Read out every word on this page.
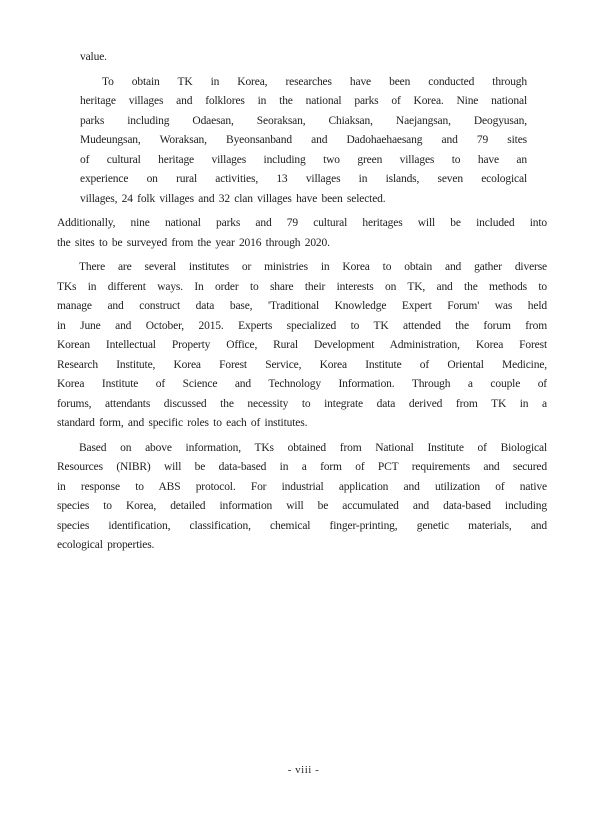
value.
To obtain TK in Korea, researches have been conducted through
heritage villages and folklores in the national parks of Korea. Nine national
parks including Odaesan, Seoraksan, Chiaksan, Naejangsan, Deogyusan,
Mudeungsan, Woraksan, Byeonsanband and Dadohaehaesang and 79 sites
of cultural heritage villages including two green villages to have an
experience on rural activities, 13 villages in islands, seven ecological
villages, 24 folk villages and 32 clan villages have been selected.
Additionally, nine national parks and 79 cultural heritages will be included into
the sites to be surveyed from the year 2016 through 2020.
There are several institutes or ministries in Korea to obtain and gather diverse
TKs in different ways. In order to share their interests on TK, and the methods to
manage and construct data base, 'Traditional Knowledge Expert Forum' was held
in June and October, 2015. Experts specialized to TK attended the forum from
Korean Intellectual Property Office, Rural Development Administration, Korea Forest
Research Institute, Korea Forest Service, Korea Institute of Oriental Medicine,
Korea Institute of Science and Technology Information. Through a couple of
forums, attendants discussed the necessity to integrate data derived from TK in a
standard form, and specific roles to each of institutes.
Based on above information, TKs obtained from National Institute of Biological
Resources (NIBR) will be data-based in a form of PCT requirements and secured
in response to ABS protocol. For industrial application and utilization of native
species to Korea, detailed information will be accumulated and data-based including
species identification, classification, chemical finger-printing, genetic materials, and
ecological properties.
- viii -
